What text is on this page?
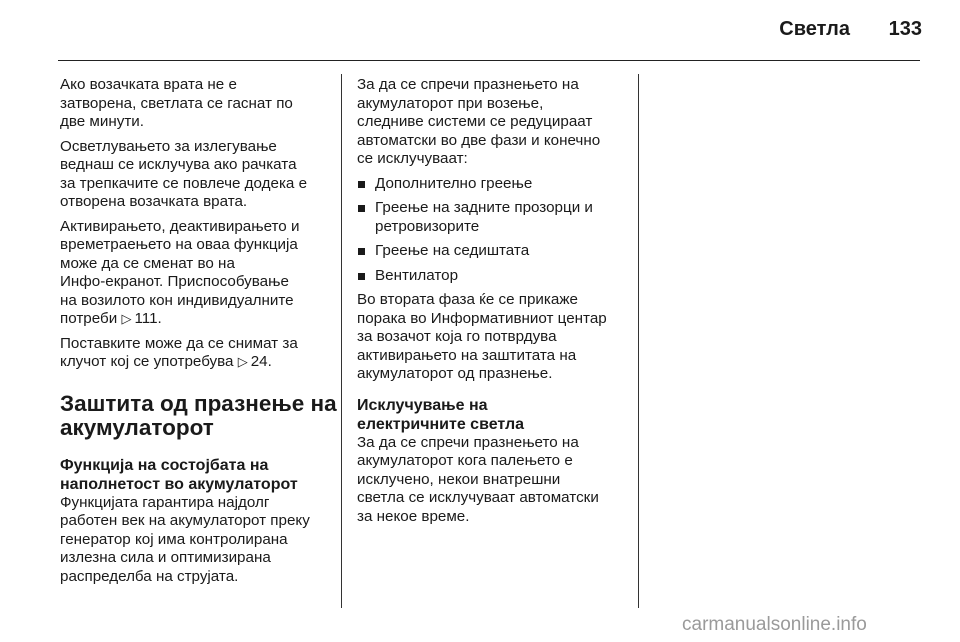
Светла	133

Ако возачката врата не е
затворена, светлата се гаснат по
две минути.

Осветлувањето за излегување
веднаш се исклучува ако рачката
за трепкачите се повлече додека е
отворена возачката врата.

Активирањето, деактивирањето и
времетраењето на оваа функција
може да се сменат во на
Инфо-екранот. Приспособување
на возилото кон индивидуалните
потреби ▷ 111.

Поставките може да се снимат за
клучот кој се употребува ▷ 24.

Заштита од празнење на
акумулаторот
Функција на состојбата на
наполнетост во акумулаторот

Функцијата гарантира најдолг
работен век на акумулаторот преку
генератор кој има контролирана
излезна сила и оптимизирана
распределба на струјата.

За да се спречи празнењето на
акумулаторот при возење,
следниве системи се редуцираат
автоматски во две фази и конечно
се исклучуваат:

Дополнително греење
Греење на задните прозорци и
ретровизорите
Греење на седиштата
Вентилатор

Во втората фаза ќе се прикаже
порака во Информативниот центар
за возачот која го потврдува
активирањето на заштитата на
акумулаторот од празнење.

Исклучување на
електричните светла

За да се спречи празнењето на
акумулаторот кога палењето е
исклучено, некои внатрешни
светла се исклучуваат автоматски
за некое време.

carmanualsonline.info
